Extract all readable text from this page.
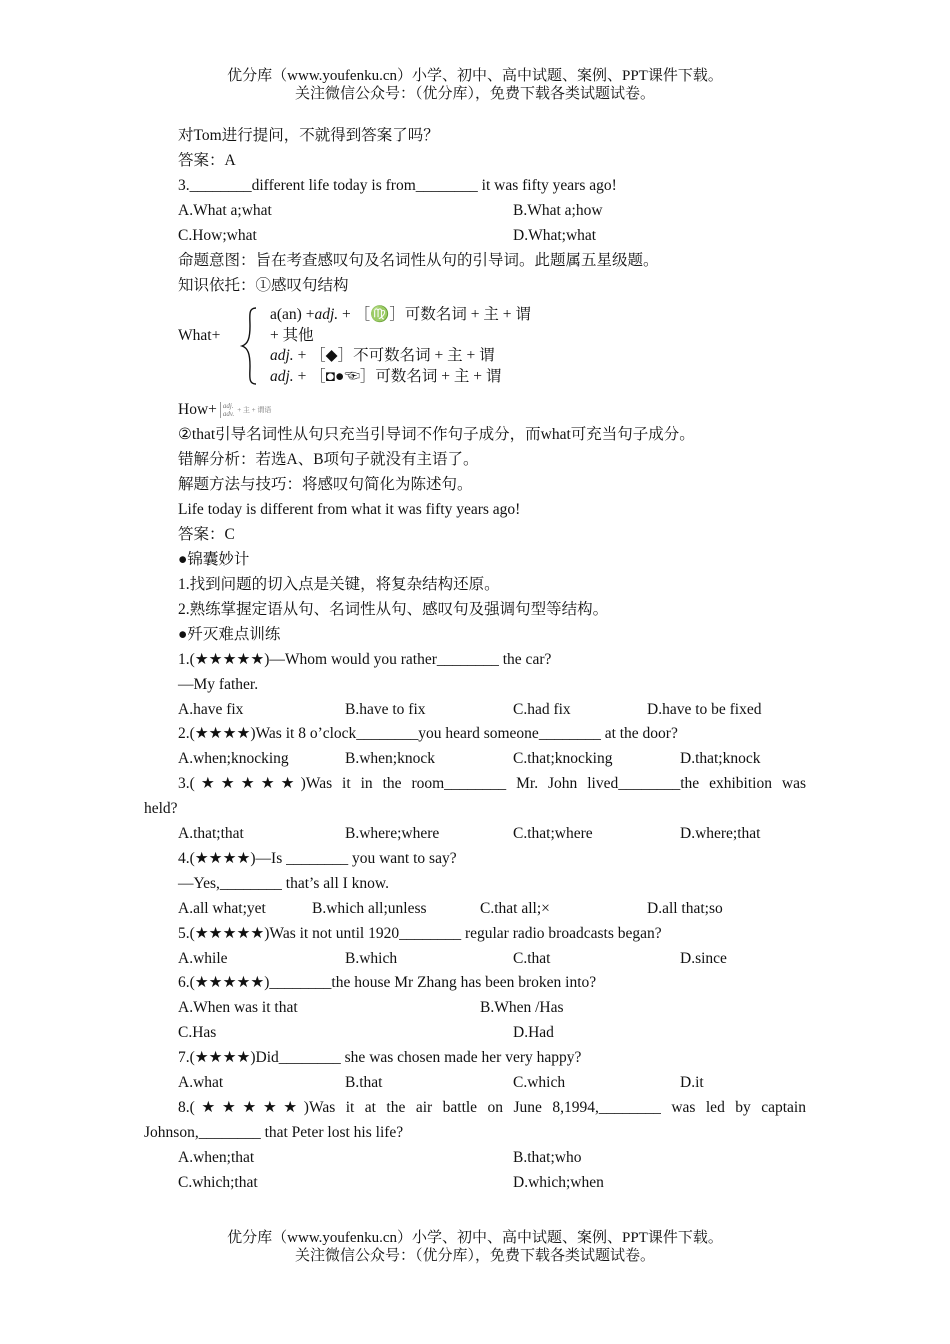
优分库（www.youfenku.cn）小学、初中、高中试题、案例、PPT课件下载。
关注微信公众号：（优分库），免费下载各类试题试卷。
对Tom进行提问，不就得到答案了吗？
答案：A
3.________different life today is from________ it was fifty years ago!
A.What a;what	B.What a;how
C.How;what	D.What;what
命题意图：旨在考查感叹句及名词性从句的引导词。此题属五星级题。
知识依托：①感叹句结构
What+
a(an) +adj. + ［♍］可数名词 + 主 + 谓
+ 其他
adj. + ［◆］不可数名词 + 主 + 谓
adj. + ［◘●☜］可数名词 + 主 + 谓
How+ adj.
adv. + 主 + 谓语
②that引导名词性从句只充当引导词不作句子成分，而what可充当句子成分。
错解分析：若选A、B项句子就没有主语了。
解题方法与技巧：将感叹句简化为陈述句。
Life today is different from what it was fifty years ago!
答案：C
●锦囊妙计
1.找到问题的切入点是关键，将复杂结构还原。
2.熟练掌握定语从句、名词性从句、感叹句及强调句型等结构。
●歼灭难点训练
1.(★★★★★)—Whom would you rather________ the car?
—My father.
A.have fix	B.have to fix	C.had fix	D.have to be fixed
2.(★★★★)Was it 8 o’clock________you heard someone________ at the door?
A.when;knocking	B.when;knock	C.that;knocking	D.that;knock
3.(★★★★★)Was it in the room________ Mr. John lived________the exhibition was
held?
A.that;that	B.where;where	C.that;where	D.where;that
4.(★★★★)—Is ________ you want to say?
—Yes,________ that’s all I know.
A.all what;yet	B.which all;unless	C.that all;×	D.all that;so
5.(★★★★★)Was it not until 1920________ regular radio broadcasts began?
A.while	B.which	C.that	D.since
6.(★★★★★)________the house Mr Zhang has been broken into?
A.When was it that	B.When /Has
C.Has	D.Had
7.(★★★★)Did________ she was chosen made her very happy?
A.what	B.that	C.which	D.it
8.(★★★★★)Was it at the air battle on June 8,1994,________ was led by captain
Johnson,________ that Peter lost his life?
A.when;that	B.that;who
C.which;that	D.which;when
优分库（www.youfenku.cn）小学、初中、高中试题、案例、PPT课件下载。
关注微信公众号：（优分库），免费下载各类试题试卷。
